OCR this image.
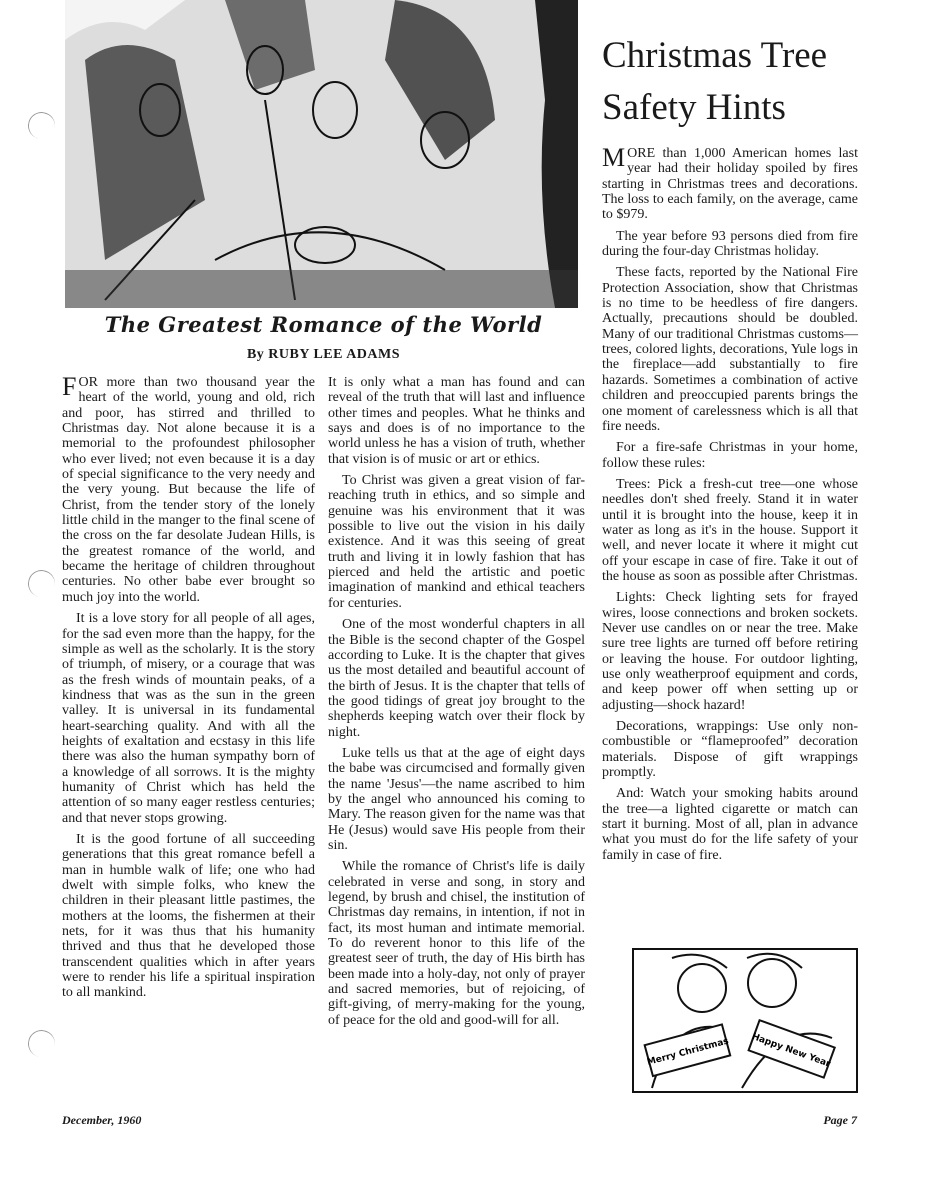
The Greatest Romance of the World
By RUBY LEE ADAMS

FOR more than two thousand year the heart of the world, young and old, rich and poor, has stirred and thrilled to Christmas day. Not alone because it is a memorial to the profoundest philosopher who ever lived; not even because it is a day of special significance to the very needy and the very young. But because the life of Christ, from the tender story of the lonely little child in the manger to the final scene of the cross on the far desolate Judean Hills, is the greatest romance of the world, and became the heritage of children throughout centuries. No other babe ever brought so much joy into the world.

It is a love story for all people of all ages, for the sad even more than the happy, for the simple as well as the scholarly. It is the story of triumph, of misery, or a courage that was as the fresh winds of mountain peaks, of a kindness that was as the sun in the green valley. It is universal in its fundamental heart-searching quality. And with all the heights of exaltation and ecstasy in this life there was also the human sympathy born of a knowledge of all sorrows. It is the mighty humanity of Christ which has held the attention of so many eager restless centuries; and that never stops growing.

It is the good fortune of all succeeding generations that this great romance befell a man in humble walk of life; one who had dwelt with simple folks, who knew the children in their pleasant little pastimes, the mothers at the looms, the fishermen at their nets, for it was thus that his humanity thrived and thus that he developed those transcendent qualities which in after years were to render his life a spiritual inspiration to all mankind.

It is only what a man has found and can reveal of the truth that will last and influence other times and peoples. What he thinks and says and does is of no importance to the world unless he has a vision of truth, whether that vision is of music or art or ethics.

To Christ was given a great vision of far-reaching truth in ethics, and so simple and genuine was his environment that it was possible to live out the vision in his daily existence. And it was this seeing of great truth and living it in lowly fashion that has pierced and held the artistic and poetic imagination of mankind and ethical teachers for centuries.

One of the most wonderful chapters in all the Bible is the second chapter of the Gospel according to Luke. It is the chapter that gives us the most detailed and beautiful account of the birth of Jesus. It is the chapter that tells of the good tidings of great joy brought to the shepherds keeping watch over their flock by night.

Luke tells us that at the age of eight days the babe was circumcised and formally given the name 'Jesus'—the name ascribed to him by the angel who announced his coming to Mary. The reason given for the name was that He (Jesus) would save His people from their sin.

While the romance of Christ's life is daily celebrated in verse and song, in story and legend, by brush and chisel, the institution of Christmas day remains, in intention, if not in fact, its most human and intimate memorial. To do reverent honor to this life of the greatest seer of truth, the day of His birth has been made into a holy-day, not only of prayer and sacred memories, but of rejoicing, of gift-giving, of merry-making for the young, of peace for the old and good-will for all.

Christmas Tree
Safety Hints

MORE than 1,000 American homes last year had their holiday spoiled by fires starting in Christmas trees and decorations. The loss to each family, on the average, came to $979.

The year before 93 persons died from fire during the four-day Christmas holiday.

These facts, reported by the National Fire Protection Association, show that Christmas is no time to be heedless of fire dangers. Actually, precautions should be doubled. Many of our traditional Christmas customs—trees, colored lights, decorations, Yule logs in the fireplace—add substantially to fire hazards. Sometimes a combination of active children and preoccupied parents brings the one moment of carelessness which is all that fire needs.

For a fire-safe Christmas in your home, follow these rules:

Trees: Pick a fresh-cut tree—one whose needles don't shed freely. Stand it in water until it is brought into the house, keep it in water as long as it's in the house. Support it well, and never locate it where it might cut off your escape in case of fire. Take it out of the house as soon as possible after Christmas.

Lights: Check lighting sets for frayed wires, loose connections and broken sockets. Never use candles on or near the tree. Make sure tree lights are turned off before retiring or leaving the house. For outdoor lighting, use only weatherproof equipment and cords, and keep power off when setting up or adjusting—shock hazard!

Decorations, wrappings: Use only non-combustible or “flameproofed” decoration materials. Dispose of gift wrappings promptly.

And: Watch your smoking habits around the tree—a lighted cigarette or match can start it burning. Most of all, plan in advance what you must do for the life safety of your family in case of fire.

Merry Christmas Happy New Year
December, 1960	Page 7
